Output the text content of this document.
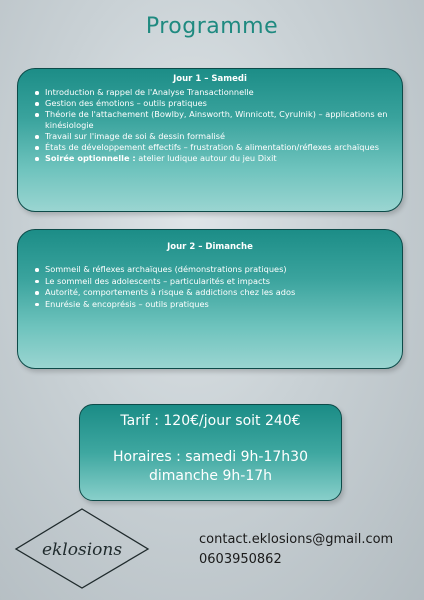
Programme
Jour 1 – Samedi
Introduction & rappel de l'Analyse Transactionnelle
Gestion des émotions – outils pratiques
Théorie de l'attachement (Bowlby, Ainsworth, Winnicott, Cyrulnik) – applications en kinésiologie
Travail sur l'image de soi & dessin formalisé
États de développement effectifs – frustration & alimentation/réflexes archaïques
Soirée optionnelle : atelier ludique autour du jeu Dixit
Jour 2 – Dimanche
Sommeil & réflexes archaïques (démonstrations pratiques)
Le sommeil des adolescents – particularités et impacts
Autorité, comportements à risque & addictions chez les ados
Enurésie & encoprésis – outils pratiques
Tarif : 120€/jour soit 240€
Horaires : samedi 9h-17h30
dimanche 9h-17h
eklosions
contact.eklosions@gmail.com
0603950862
